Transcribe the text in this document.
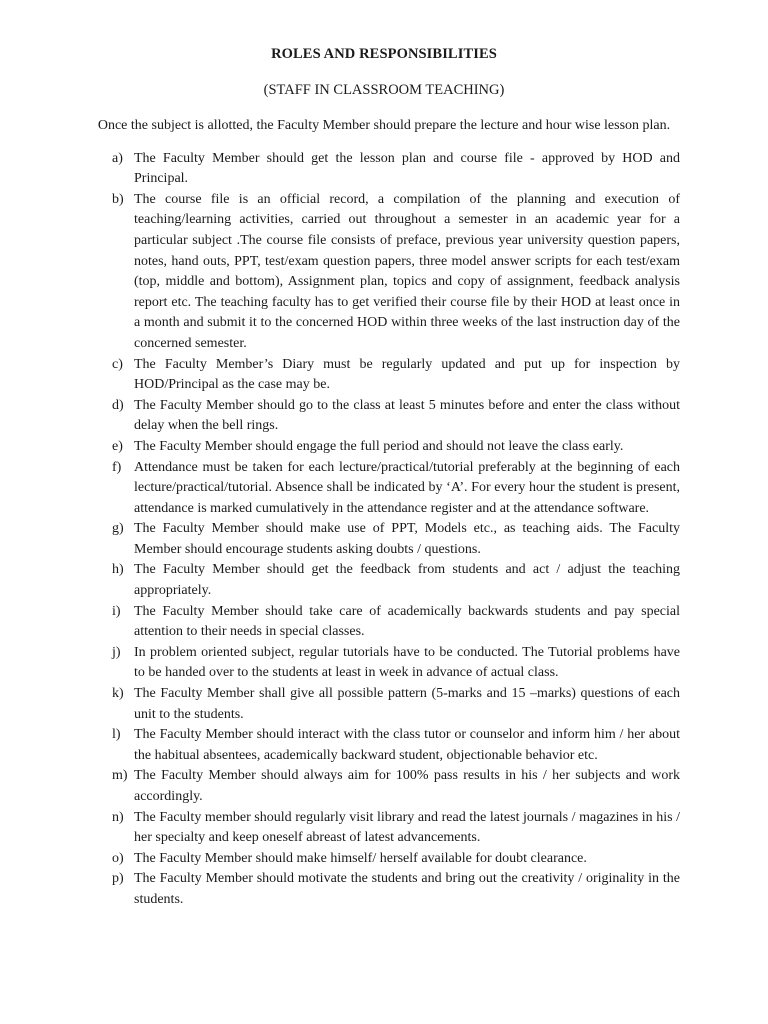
ROLES AND RESPONSIBILITIES

(STAFF IN CLASSROOM TEACHING)

Once the subject is allotted, the Faculty Member should prepare the lecture and hour wise lesson plan.

a) The Faculty Member should get the lesson plan and course file - approved by HOD and Principal.
b) The course file is an official record, a compilation of the planning and execution of teaching/learning activities, carried out throughout a semester in an academic year for a particular subject .The course file consists of preface, previous year university question papers, notes, hand outs, PPT, test/exam question papers, three model answer scripts for each test/exam (top, middle and bottom), Assignment plan, topics and copy of assignment, feedback analysis report etc. The teaching faculty has to get verified their course file by their HOD at least once in a month and submit it to the concerned HOD within three weeks of the last instruction day of the concerned semester.
c) The Faculty Member’s Diary must be regularly updated and put up for inspection by HOD/Principal as the case may be.
d) The Faculty Member should go to the class at least 5 minutes before and enter the class without delay when the bell rings.
e) The Faculty Member should engage the full period and should not leave the class early.
f) Attendance must be taken for each lecture/practical/tutorial preferably at the beginning of each lecture/practical/tutorial. Absence shall be indicated by ‘A’. For every hour the student is present, attendance is marked cumulatively in the attendance register and at the attendance software.
g) The Faculty Member should make use of PPT, Models etc., as teaching aids. The Faculty Member should encourage students asking doubts / questions.
h) The Faculty Member should get the feedback from students and act / adjust the teaching appropriately.
i) The Faculty Member should take care of academically backwards students and pay special attention to their needs in special classes.
j) In problem oriented subject, regular tutorials have to be conducted. The Tutorial problems have to be handed over to the students at least in week in advance of actual class.
k) The Faculty Member shall give all possible pattern (5-marks and 15 –marks) questions of each unit to the students.
l) The Faculty Member should interact with the class tutor or counselor and inform him / her about the habitual absentees, academically backward student, objectionable behavior etc.
m) The Faculty Member should always aim for 100% pass results in his / her subjects and work accordingly.
n) The Faculty member should regularly visit library and read the latest journals / magazines in his / her specialty and keep oneself abreast of latest advancements.
o) The Faculty Member should make himself/ herself available for doubt clearance.
p) The Faculty Member should motivate the students and bring out the creativity / originality in the students.
